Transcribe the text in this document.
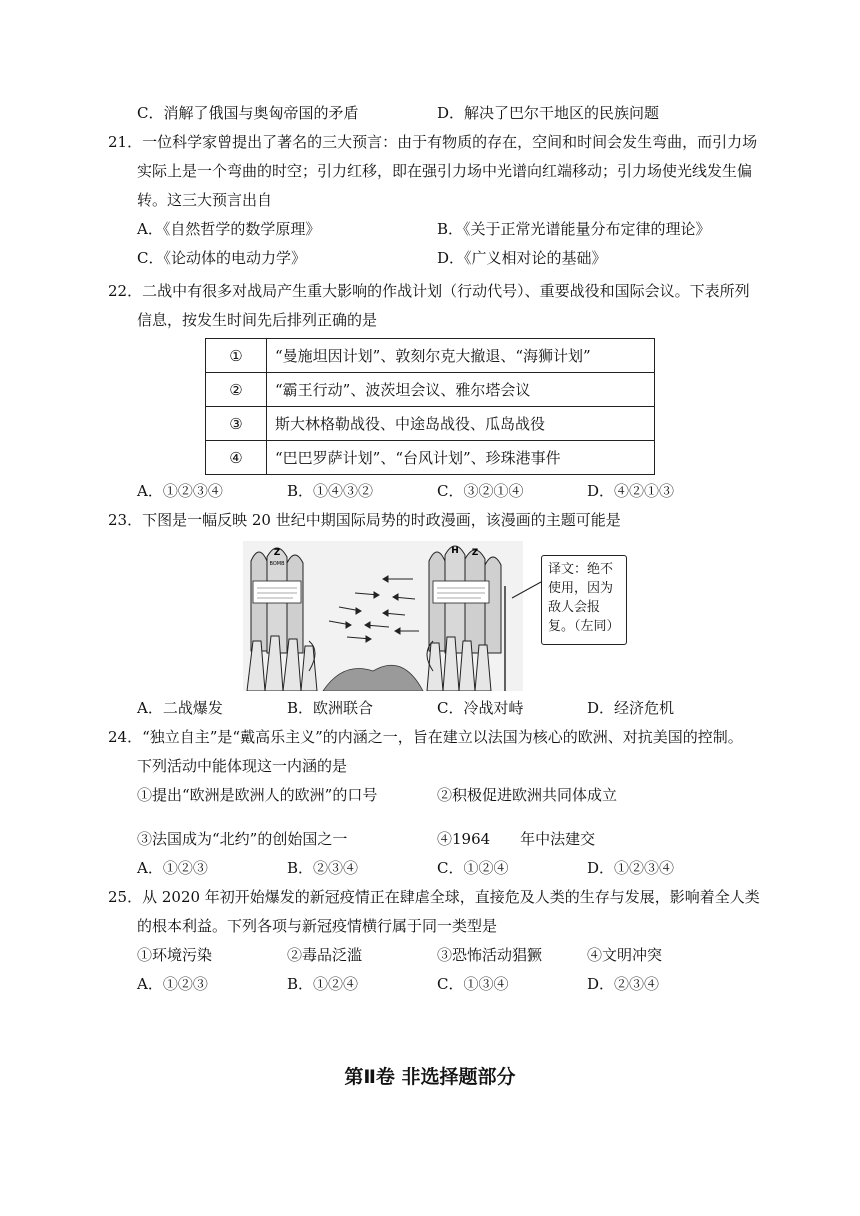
C．消解了俄国与奥匈帝国的矛盾	D．解决了巴尔干地区的民族问题
21．一位科学家曾提出了著名的三大预言：由于有物质的存在，空间和时间会发生弯曲，而引力场
实际上是一个弯曲的时空；引力红移，即在强引力场中光谱向红端移动；引力场使光线发生偏
转。这三大预言出自
A．《自然哲学的数学原理》	B．《关于正常光谱能量分布定律的理论》
C．《论动体的电动力学》	D．《广义相对论的基础》
22．二战中有很多对战局产生重大影响的作战计划（行动代号）、重要战役和国际会议。下表所列
信息，按发生时间先后排列正确的是
①	“曼施坦因计划”、敦刻尔克大撤退、“海狮计划”
②	“霸王行动”、波茨坦会议、雅尔塔会议
③	斯大林格勒战役、中途岛战役、瓜岛战役
④	“巴巴罗萨计划”、“台风计划”、珍珠港事件
A．①②③④	B．①④③②	C．③②①④	D．④②①③
23．下图是一幅反映 20 世纪中期国际局势的时政漫画，该漫画的主题可能是
Z
BOMB
H Z
译文：绝不使用，因为敌人会报复。（左同）
A．二战爆发	B．欧洲联合	C．冷战对峙	D．经济危机
24．“独立自主”是“戴高乐主义”的内涵之一，旨在建立以法国为核心的欧洲、对抗美国的控制。
下列活动中能体现这一内涵的是
①提出“欧洲是欧洲人的欧洲”的口号	②积极促进欧洲共同体成立
③法国成为“北约”的创始国之一	④1964　　年中法建交
A．①②③	B．②③④	C．①②④	D．①②③④
25．从 2020 年初开始爆发的新冠疫情正在肆虐全球，直接危及人类的生存与发展，影响着全人类
的根本利益。下列各项与新冠疫情横行属于同一类型是
①环境污染	②毒品泛滥	③恐怖活动猖獗	④文明冲突
A．①②③	B．①②④	C．①③④	D．②③④
第Ⅱ卷 非选择题部分
